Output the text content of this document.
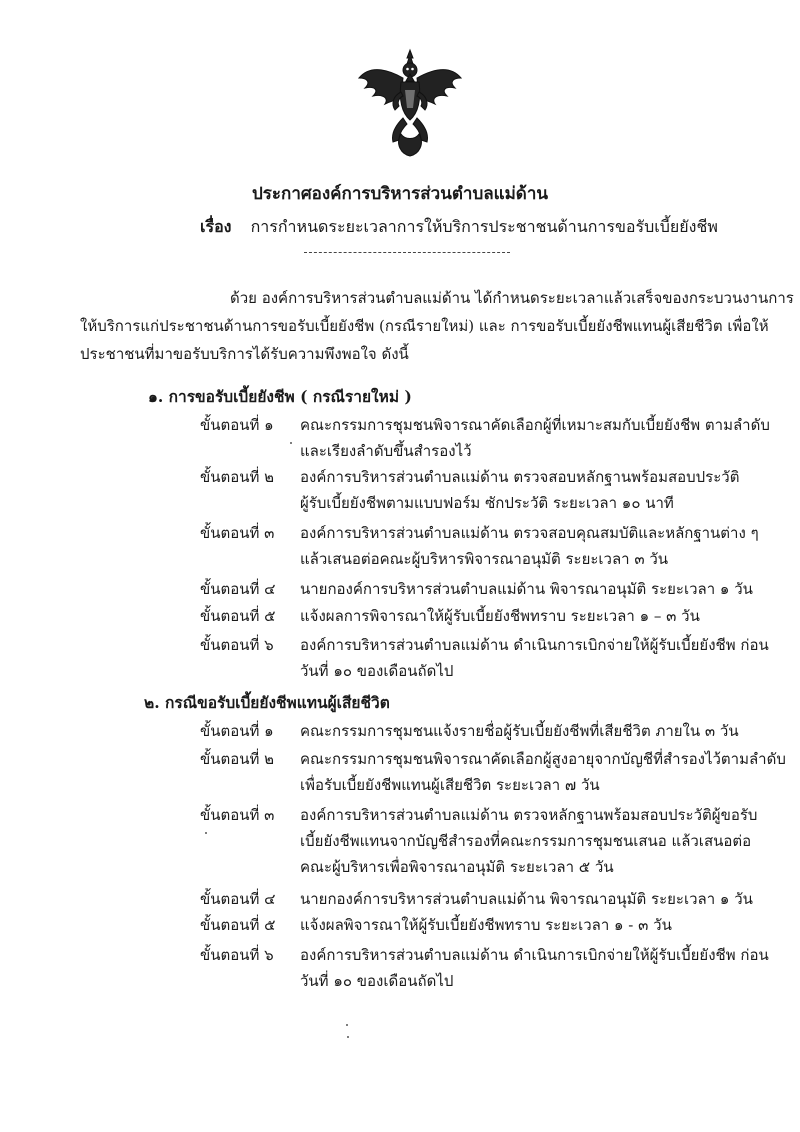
ประกาศองค์การบริหารส่วนตำบลแม่ด้าน
เรื่อง การกำหนดระยะเวลาการให้บริการประชาชนด้านการขอรับเบี้ยยังชีพ
ด้วย องค์การบริหารส่วนตำบลแม่ด้าน ได้กำหนดระยะเวลาแล้วเสร็จของกระบวนงานการ
ให้บริการแก่ประชาชนด้านการขอรับเบี้ยยังชีพ (กรณีรายใหม่) และ การขอรับเบี้ยยังชีพแทนผู้เสียชีวิต เพื่อให้
ประชาชนที่มาขอรับบริการได้รับความพึงพอใจ ดังนี้
๑. การขอรับเบี้ยยังชีพ ( กรณีรายใหม่ )
ขั้นตอนที่ ๑ คณะกรรมการชุมชนพิจารณาคัดเลือกผู้ที่เหมาะสมกับเบี้ยยังชีพ ตามลำดับ
และเรียงลำดับขึ้นสำรองไว้
ขั้นตอนที่ ๒ องค์การบริหารส่วนตำบลแม่ด้าน ตรวจสอบหลักฐานพร้อมสอบประวัติ
ผู้รับเบี้ยยังชีพตามแบบฟอร์ม ซักประวัติ ระยะเวลา ๑๐ นาที
ขั้นตอนที่ ๓ องค์การบริหารส่วนตำบลแม่ด้าน ตรวจสอบคุณสมบัติและหลักฐานต่าง ๆ
แล้วเสนอต่อคณะผู้บริหารพิจารณาอนุมัติ ระยะเวลา ๓ วัน
ขั้นตอนที่ ๔ นายกองค์การบริหารส่วนตำบลแม่ด้าน พิจารณาอนุมัติ ระยะเวลา ๑ วัน
ขั้นตอนที่ ๕ แจ้งผลการพิจารณาให้ผู้รับเบี้ยยังชีพทราบ ระยะเวลา ๑ – ๓ วัน
ขั้นตอนที่ ๖ องค์การบริหารส่วนตำบลแม่ด้าน ดำเนินการเบิกจ่ายให้ผู้รับเบี้ยยังชีพ ก่อน
วันที่ ๑๐ ของเดือนถัดไป
๒. กรณีขอรับเบี้ยยังชีพแทนผู้เสียชีวิต
ขั้นตอนที่ ๑ คณะกรรมการชุมชนแจ้งรายชื่อผู้รับเบี้ยยังชีพที่เสียชีวิต ภายใน ๓ วัน
ขั้นตอนที่ ๒ คณะกรรมการชุมชนพิจารณาคัดเลือกผู้สูงอายุจากบัญชีที่สำรองไว้ตามลำดับ
เพื่อรับเบี้ยยังชีพแทนผู้เสียชีวิต ระยะเวลา ๗ วัน
ขั้นตอนที่ ๓ องค์การบริหารส่วนตำบลแม่ด้าน ตรวจหลักฐานพร้อมสอบประวัติผู้ขอรับ
เบี้ยยังชีพแทนจากบัญชีสำรองที่คณะกรรมการชุมชนเสนอ แล้วเสนอต่อ
คณะผู้บริหารเพื่อพิจารณาอนุมัติ ระยะเวลา ๕ วัน
ขั้นตอนที่ ๔ นายกองค์การบริหารส่วนตำบลแม่ด้าน พิจารณาอนุมัติ ระยะเวลา ๑ วัน
ขั้นตอนที่ ๕ แจ้งผลพิจารณาให้ผู้รับเบี้ยยังชีพทราบ ระยะเวลา ๑ - ๓ วัน
ขั้นตอนที่ ๖ องค์การบริหารส่วนตำบลแม่ด้าน ดำเนินการเบิกจ่ายให้ผู้รับเบี้ยยังชีพ ก่อน
วันที่ ๑๐ ของเดือนถัดไป
